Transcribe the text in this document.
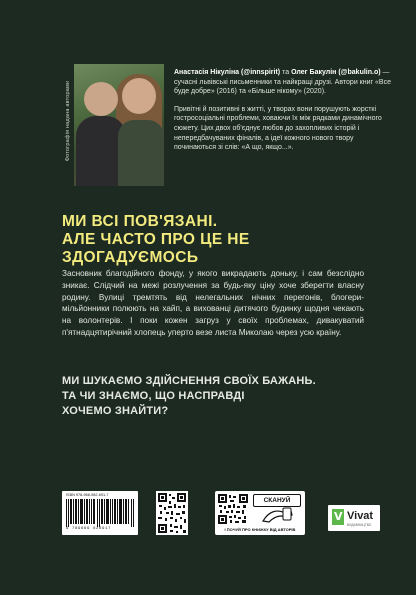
Фотографія надана авторами

Анастасія Нікуліна (@innspirit) та Олег Бакулін (@bakulin.o) — сучасні львівські письменники та найкращі друзі. Автори книг «Все буде добре» (2016) та «Більше нікому» (2020).

Привітні й позитивні в житті, у творах вони порушують жорсткі гостросоціальні проблеми, ховаючи їх між рядками динамічного сюжету. Цих двох об'єднує любов до захопливих історій і непередбачуваних фіналів, а ідеї кожного нового твору починаються зі слів: «А що, якщо...».

МИ ВСІ ПОВ'ЯЗАНІ.
АЛЕ ЧАСТО ПРО ЦЕ НЕ ЗДОГАДУЄМОСЬ
Засновник благодійного фонду, у якого викрадають доньку, і сам безслідно зникає. Слідчий на межі розлучення за будь-яку ціну хоче зберегти власну родину. Вулиці тремтять від нелегальних нічних перегонів, блогери-мільйонники полюють на хайп, а вихованці дитячого будинку щодня чекають на волонтерів. І поки кожен загруз у своїх проблемах, дивакуватий п'ятнадцятирічний хлопець уперто везе листа Миколаю через усю країну.
МИ ШУКАЄМО ЗДІЙСНЕННЯ СВОЇХ БАЖАНЬ.
ТА ЧИ ЗНАЄМО, ЩО НАСПРАВДІ
ХОЧЕМО ЗНАЙТИ?
ISBN 978-966-982-691-7
9 789669 826917
СКАНУЙ
І ПОЧУЙ ПРО КНИЖКУ ВІД АВТОРІВ
V Vivat
ВИДАВНИЦТВО
